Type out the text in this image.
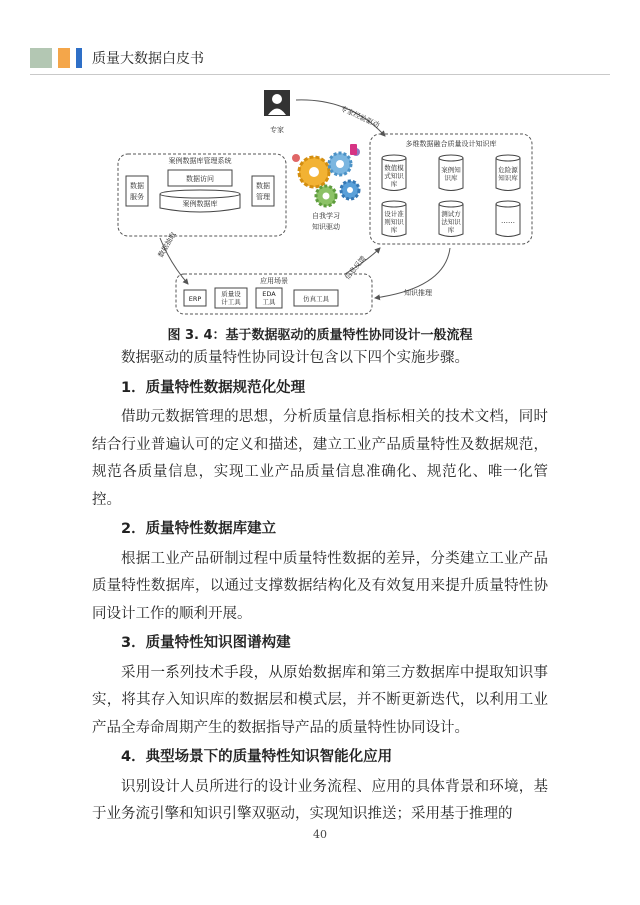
质量大数据白皮书
专家
专家经验驱动
案例数据库管理系统
数据
服务
数据访问
案例数据库
数据
管理
自我学习
知识驱动
多维数据融合质量设计知识库
数值模
式知识
库
案例知
识库
危险源
知识库
设计准
则知识
库
测试方
法知识
库
……
数据抽取
信息反馈
知识推理
应用场景
ERP
质量设
计工具
EDA
工具	仿真工具
图 3. 4：基于数据驱动的质量特性协同设计一般流程

数据驱动的质量特性协同设计包含以下四个实施步骤。

1．质量特性数据规范化处理

借助元数据管理的思想，分析质量信息指标相关的技术文档，同时结合行业普遍认可的定义和描述，建立工业产品质量特性及数据规范，规范各质量信息，实现工业产品质量信息准确化、规范化、唯一化管控。

2．质量特性数据库建立

根据工业产品研制过程中质量特性数据的差异，分类建立工业产品质量特性数据库，以通过支撑数据结构化及有效复用来提升质量特性协同设计工作的顺利开展。

3．质量特性知识图谱构建

采用一系列技术手段，从原始数据库和第三方数据库中提取知识事实，将其存入知识库的数据层和模式层，并不断更新迭代，以利用工业产品全寿命周期产生的数据指导产品的质量特性协同设计。

4．典型场景下的质量特性知识智能化应用

识别设计人员所进行的设计业务流程、应用的具体背景和环境，基于业务流引擎和知识引擎双驱动，实现知识推送；采用基于推理的

40
